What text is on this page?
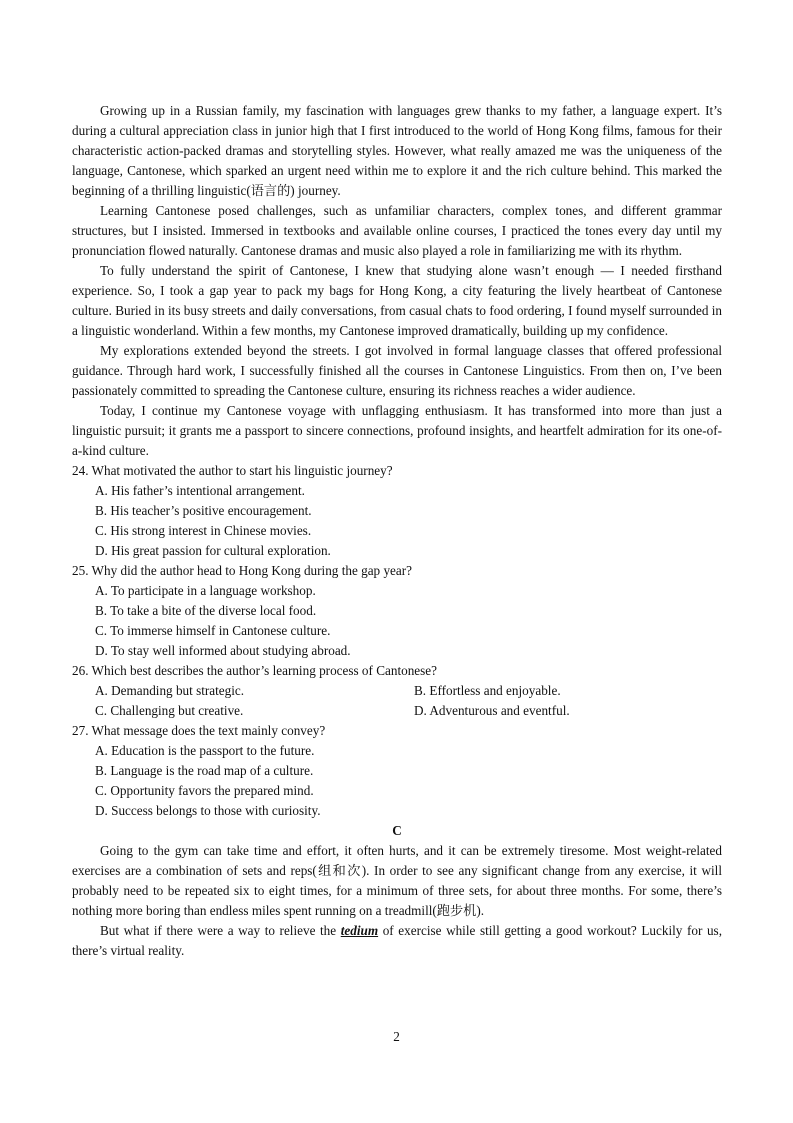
Growing up in a Russian family, my fascination with languages grew thanks to my father, a language expert. It’s during a cultural appreciation class in junior high that I first introduced to the world of Hong Kong films, famous for their characteristic action-packed dramas and storytelling styles. However, what really amazed me was the uniqueness of the language, Cantonese, which sparked an urgent need within me to explore it and the rich culture behind. This marked the beginning of a thrilling linguistic(语言的) journey.

Learning Cantonese posed challenges, such as unfamiliar characters, complex tones, and different grammar structures, but I insisted. Immersed in textbooks and available online courses, I practiced the tones every day until my pronunciation flowed naturally. Cantonese dramas and music also played a role in familiarizing me with its rhythm.

To fully understand the spirit of Cantonese, I knew that studying alone wasn’t enough — I needed firsthand experience. So, I took a gap year to pack my bags for Hong Kong, a city featuring the lively heartbeat of Cantonese culture. Buried in its busy streets and daily conversations, from casual chats to food ordering, I found myself surrounded in a linguistic wonderland. Within a few months, my Cantonese improved dramatically, building up my confidence.

My explorations extended beyond the streets. I got involved in formal language classes that offered professional guidance. Through hard work, I successfully finished all the courses in Cantonese Linguistics. From then on, I’ve been passionately committed to spreading the Cantonese culture, ensuring its richness reaches a wider audience.

Today, I continue my Cantonese voyage with unflagging enthusiasm. It has transformed into more than just a linguistic pursuit; it grants me a passport to sincere connections, profound insights, and heartfelt admiration for its one-of-a-kind culture.

24. What motivated the author to start his linguistic journey?

A. His father’s intentional arrangement.

B. His teacher’s positive encouragement.

C. His strong interest in Chinese movies.

D. His great passion for cultural exploration.

25. Why did the author head to Hong Kong during the gap year?

A. To participate in a language workshop.

B. To take a bite of the diverse local food.

C. To immerse himself in Cantonese culture.

D. To stay well informed about studying abroad.

26. Which best describes the author’s learning process of Cantonese?

A. Demanding but strategic.	B. Effortless and enjoyable.
C. Challenging but creative.	D. Adventurous and eventful.

27. What message does the text mainly convey?

A. Education is the passport to the future.

B. Language is the road map of a culture.

C. Opportunity favors the prepared mind.

D. Success belongs to those with curiosity.

C

Going to the gym can take time and effort, it often hurts, and it can be extremely tiresome. Most weight-related exercises are a combination of sets and reps(组和次). In order to see any significant change from any exercise, it will probably need to be repeated six to eight times, for a minimum of three sets, for about three months. For some, there’s nothing more boring than endless miles spent running on a treadmill(跑步机).

But what if there were a way to relieve the tedium of exercise while still getting a good workout? Luckily for us, there’s virtual reality.

2
